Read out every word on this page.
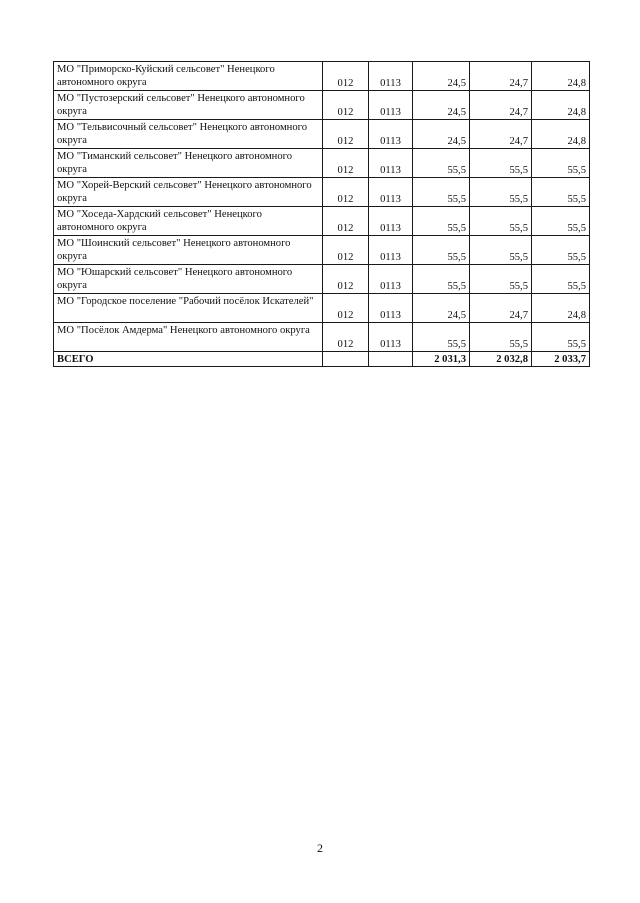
МО "Приморско-Куйский сельсовет" Ненецкого автономного округа	012	0113	24,5	24,7	24,8
МО "Пустозерский сельсовет" Ненецкого автономного округа	012	0113	24,5	24,7	24,8
МО "Тельвисочный сельсовет" Ненецкого автономного округа	012	0113	24,5	24,7	24,8
МО "Тиманский сельсовет" Ненецкого автономного округа	012	0113	55,5	55,5	55,5
МО "Хорей-Верский сельсовет" Ненецкого автономного округа	012	0113	55,5	55,5	55,5
МО "Хоседа-Хардский сельсовет" Ненецкого автономного округа	012	0113	55,5	55,5	55,5
МО "Шоинский сельсовет" Ненецкого автономного округа	012	0113	55,5	55,5	55,5
МО "Юшарский сельсовет" Ненецкого автономного округа	012	0113	55,5	55,5	55,5
МО "Городское поселение "Рабочий посёлок Искателей"	012	0113	24,5	24,7	24,8
МО "Посёлок Амдерма" Ненецкого автономного округа	012	0113	55,5	55,5	55,5
ВСЕГО			2 031,3	2 032,8	2 033,7
2
